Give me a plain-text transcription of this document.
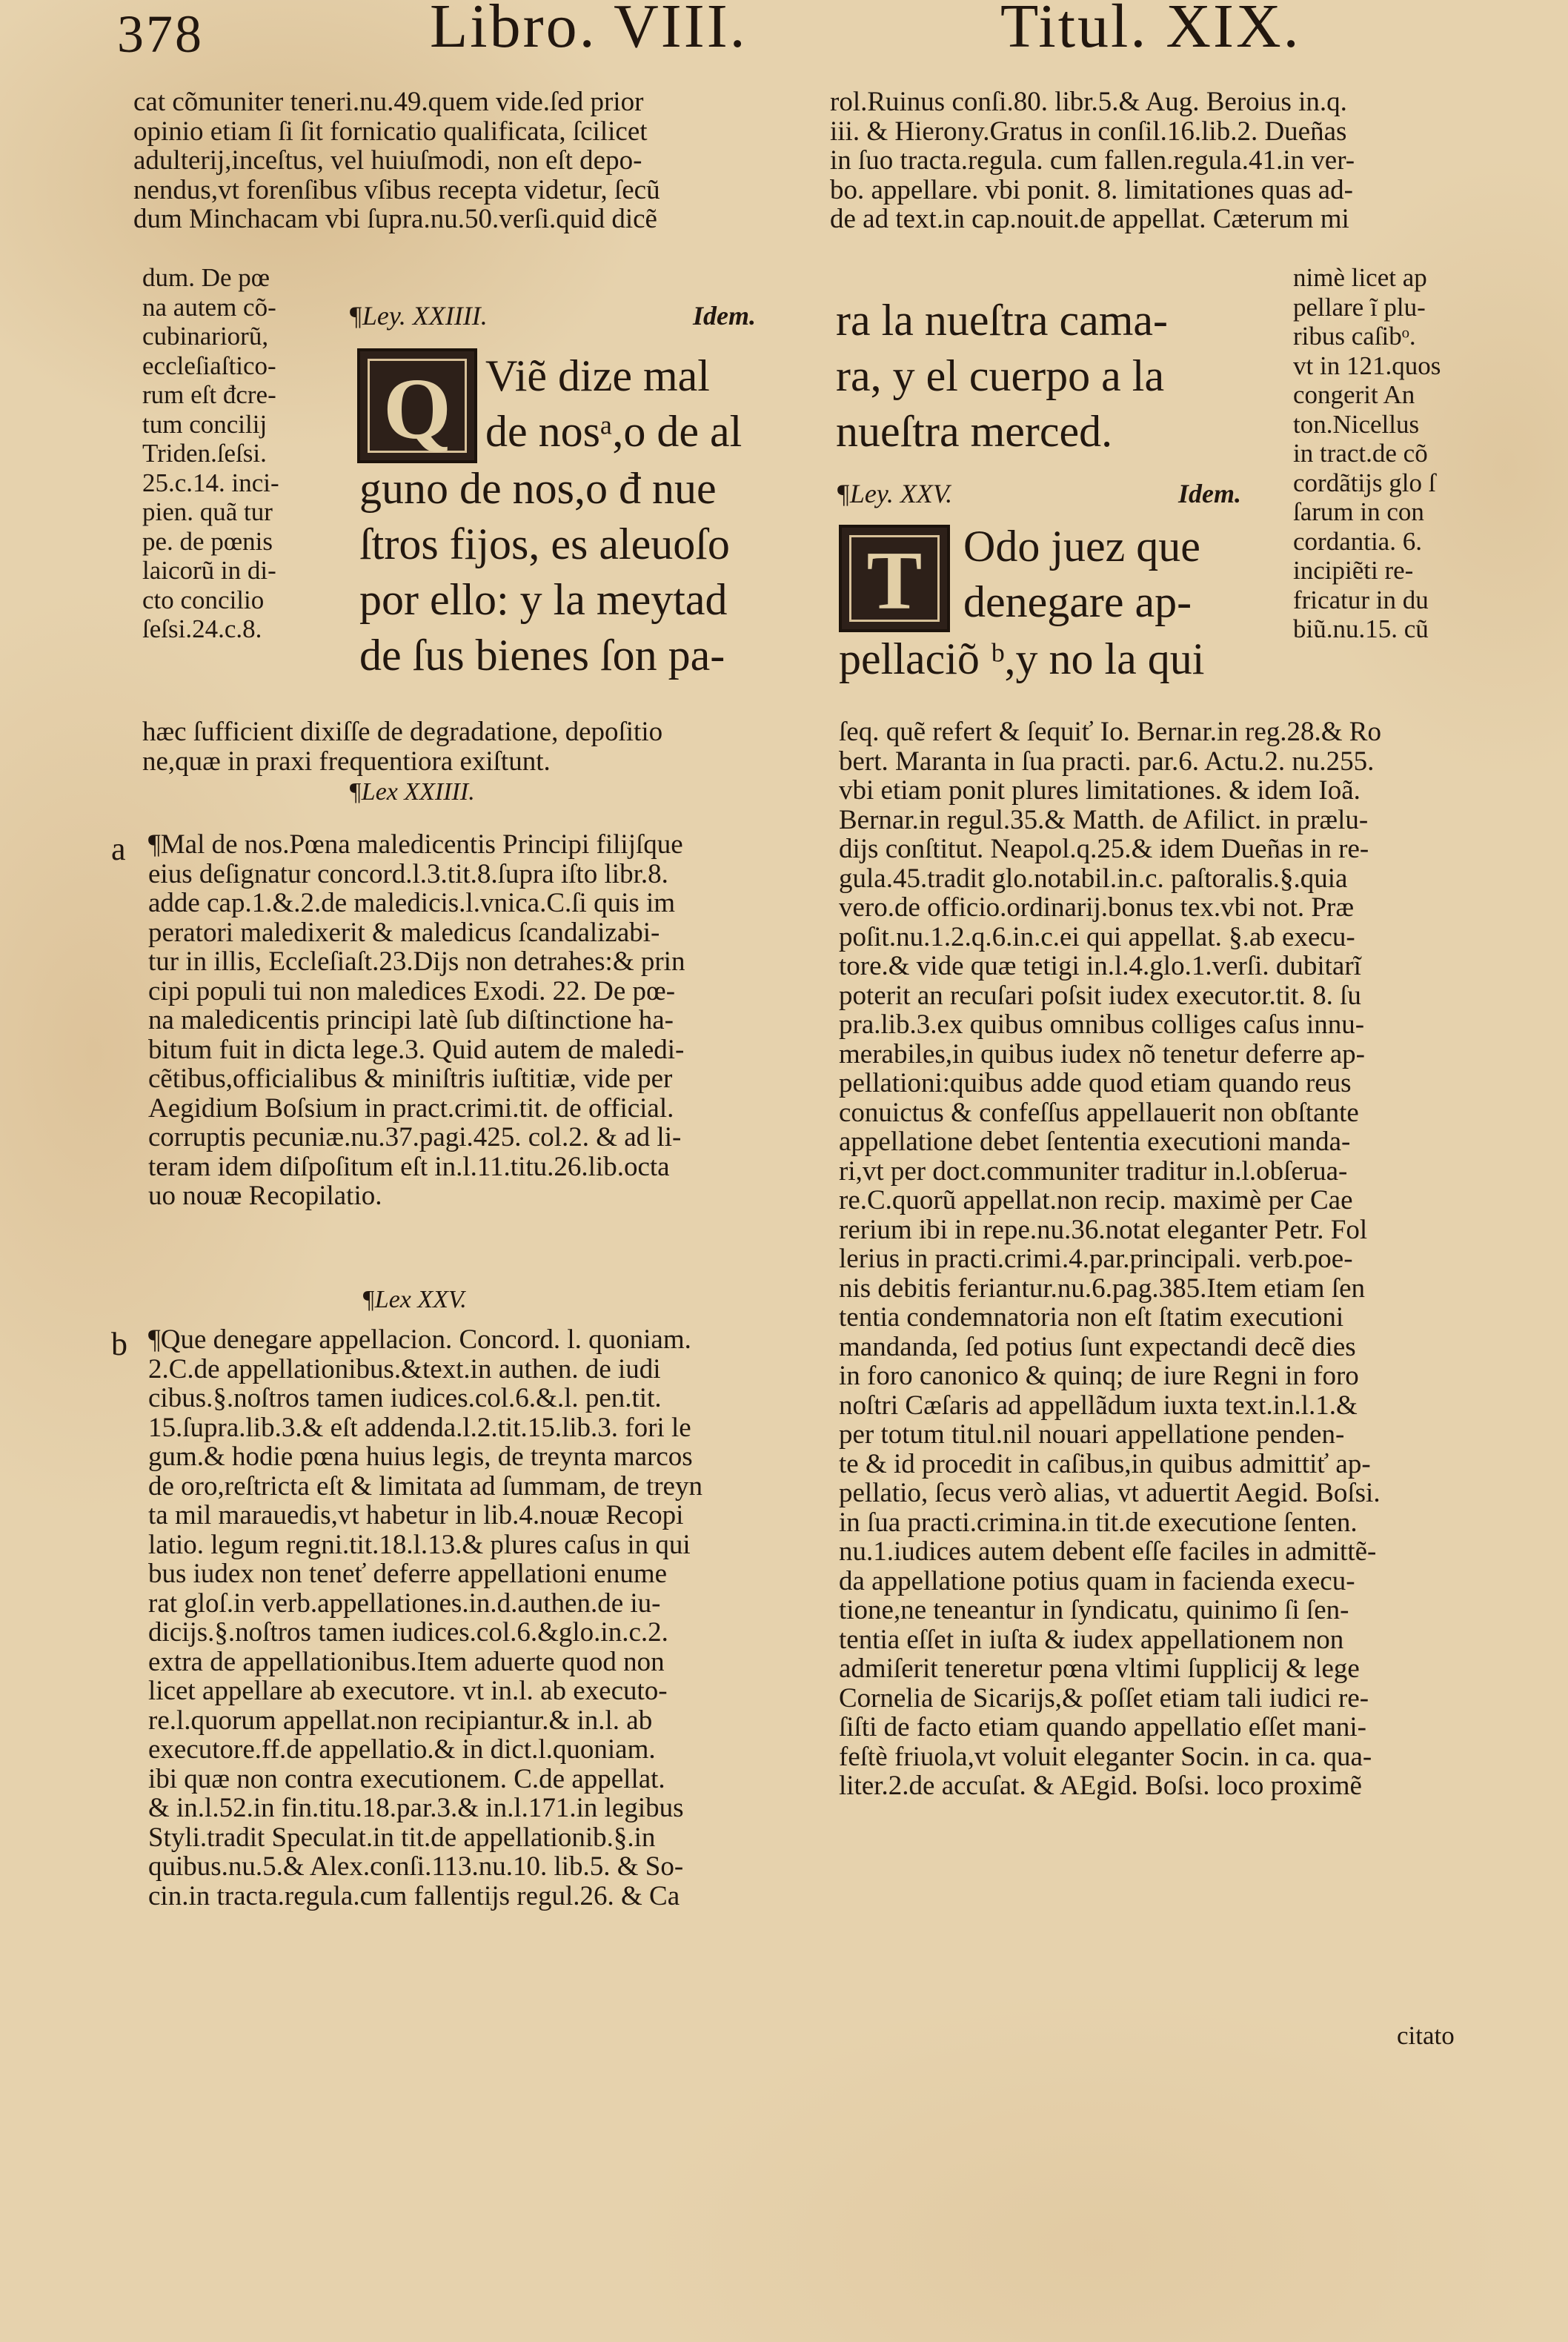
378	Libro. VIII.	Titul. XIX.
cat cõmuniter teneri.nu.49.quem vide.ſed prior
opinio etiam ſi ſit fornicatio qualificata, ſcilicet
adulterij,inceſtus, vel huiuſmodi, non eſt depo-
nendus,vt forenſibus vſibus recepta videtur, ſecũ
dum Minchacam vbi ſupra.nu.50.verſi.quid dicẽ
dum. De pœ
na autem cõ-
cubinariorũ,
eccleſiaſtico-
rum eſt đcre-
tum concilij
Triden.ſeſsi.
25.c.14. inci-
pien. quã tur
pe. de pœnis
laicorũ in di-
cto concilio
ſeſsi.24.c.8.
¶Ley. XXIIII.	Idem.
Q Viẽ dize mal
de nosᵃ,o de al
guno de nos,o đ nue
ſtros fijos, es aleuoſo
por ello: y la meytad
de ſus bienes ſon pa-
hæc ſufficient dixiſſe de degradatione, depoſitio
ne,quæ in praxi frequentiora exiſtunt.
¶Lex XXIIII.
a ¶Mal de nos.Pœna maledicentis Principi filijſque
eius deſignatur concord.l.3.tit.8.ſupra iſto libr.8.
adde cap.1.&.2.de maledicis.l.vnica.C.ſi quis im
peratori maledixerit & maledicus ſcandalizabi-
tur in illis, Eccleſiaſt.23.Dijs non detrahes:& prin
cipi populi tui non maledices Exodi. 22. De pœ-
na maledicentis principi latè ſub diſtinctione ha-
bitum fuit in dicta lege.3. Quid autem de maledi-
cẽtibus,officialibus & miniſtris iuſtitiæ, vide per
Aegidium Boſsium in pract.crimi.tit. de official.
corruptis pecuniæ.nu.37.pagi.425. col.2. & ad li-
teram idem diſpoſitum eſt in.l.11.titu.26.lib.octa
uo nouæ Recopilatio.
¶Lex XXV.
b ¶Que denegare appellacion. Concord. l. quoniam.
2.C.de appellationibus.&text.in authen. de iudi
cibus.§.noſtros tamen iudices.col.6.&.l. pen.tit.
15.ſupra.lib.3.& eſt addenda.l.2.tit.15.lib.3. fori le
gum.& hodie pœna huius legis, de treynta marcos
de oro,reſtricta eſt & limitata ad ſummam, de treyn
ta mil marauedis,vt habetur in lib.4.nouæ Recopi
latio. legum regni.tit.18.l.13.& plures caſus in qui
bus iudex non teneť deferre appellationi enume
rat gloſ.in verb.appellationes.in.d.authen.de iu-
dicijs.§.noſtros tamen iudices.col.6.&glo.in.c.2.
extra de appellationibus.Item aduerte quod non
licet appellare ab executore. vt in.l. ab executo-
re.l.quorum appellat.non recipiantur.& in.l. ab
executore.ff.de appellatio.& in dict.l.quoniam.
ibi quæ non contra executionem. C.de appellat.
& in.l.52.in fin.titu.18.par.3.& in.l.171.in legibus
Styli.tradit Speculat.in tit.de appellationib.§.in
quibus.nu.5.& Alex.conſi.113.nu.10. lib.5. & So-
cin.in tracta.regula.cum fallentijs regul.26. & Ca
rol.Ruinus conſi.80. libr.5.& Aug. Beroius in.q.
iii. & Hierony.Gratus in conſil.16.lib.2. Dueñas
in ſuo tracta.regula. cum fallen.regula.41.in ver-
bo. appellare. vbi ponit. 8. limitationes quas ad-
de ad text.in cap.nouit.de appellat. Cæterum mi
nimè licet ap
pellare ĩ plu-
ribus caſibᵒ.
vt in 121.quos
congerit An
ton.Nicellus
in tract.de cõ
cordãtijs glo ſ
ſarum in con
cordantia. 6.
incipiẽti re-
fricatur in du
biũ.nu.15. cũ
ra la nueſtra cama-
ra, y el cuerpo a la
nueſtra merced.
¶Ley. XXV.	Idem.
T Odo juez que
denegare ap-
pellaciõ ᵇ,y no la qui
ſeq. quẽ refert & ſequiť Io. Bernar.in reg.28.& Ro
bert. Maranta in ſua practi. par.6. Actu.2. nu.255.
vbi etiam ponit plures limitationes. & idem Ioã.
Bernar.in regul.35.& Matth. de Afilict. in prælu-
dijs conſtitut. Neapol.q.25.& idem Dueñas in re-
gula.45.tradit glo.notabil.in.c. paſtoralis.§.quia
vero.de officio.ordinarij.bonus tex.vbi not. Præ
poſit.nu.1.2.q.6.in.c.ei qui appellat. §.ab execu-
tore.& vide quæ tetigi in.l.4.glo.1.verſi. dubitarĩ
poterit an recuſari poſsit iudex executor.tit. 8. ſu
pra.lib.3.ex quibus omnibus colliges caſus innu-
merabiles,in quibus iudex nõ tenetur deferre ap-
pellationi:quibus adde quod etiam quando reus
conuictus & confeſſus appellauerit non obſtante
appellatione debet ſententia executioni manda-
ri,vt per doct.communiter traditur in.l.obſerua-
re.C.quorũ appellat.non recip. maximè per Cae
rerium ibi in repe.nu.36.notat eleganter Petr. Fol
lerius in practi.crimi.4.par.principali. verb.poe-
nis debitis feriantur.nu.6.pag.385.Item etiam ſen
tentia condemnatoria non eſt ſtatim executioni
mandanda, ſed potius ſunt expectandi decẽ dies
in foro canonico & quinq; de iure Regni in foro
noſtri Cæſaris ad appellãdum iuxta text.in.l.1.&
per totum titul.nil nouari appellatione penden-
te & id procedit in caſibus,in quibus admittiť ap-
pellatio, ſecus verò alias, vt aduertit Aegid. Boſsi.
in ſua practi.crimina.in tit.de executione ſenten.
nu.1.iudices autem debent eſſe faciles in admittẽ-
da appellatione potius quam in facienda execu-
tione,ne teneantur in ſyndicatu, quinimo ſi ſen-
tentia eſſet in iuſta & iudex appellationem non
admiſerit teneretur pœna vltimi ſupplicij & lege
Cornelia de Sicarijs,& poſſet etiam tali iudici re-
ſiſti de facto etiam quando appellatio eſſet mani-
feſtè friuola,vt voluit eleganter Socin. in ca. qua-
liter.2.de accuſat. & AEgid. Boſsi. loco proximẽ
citato
